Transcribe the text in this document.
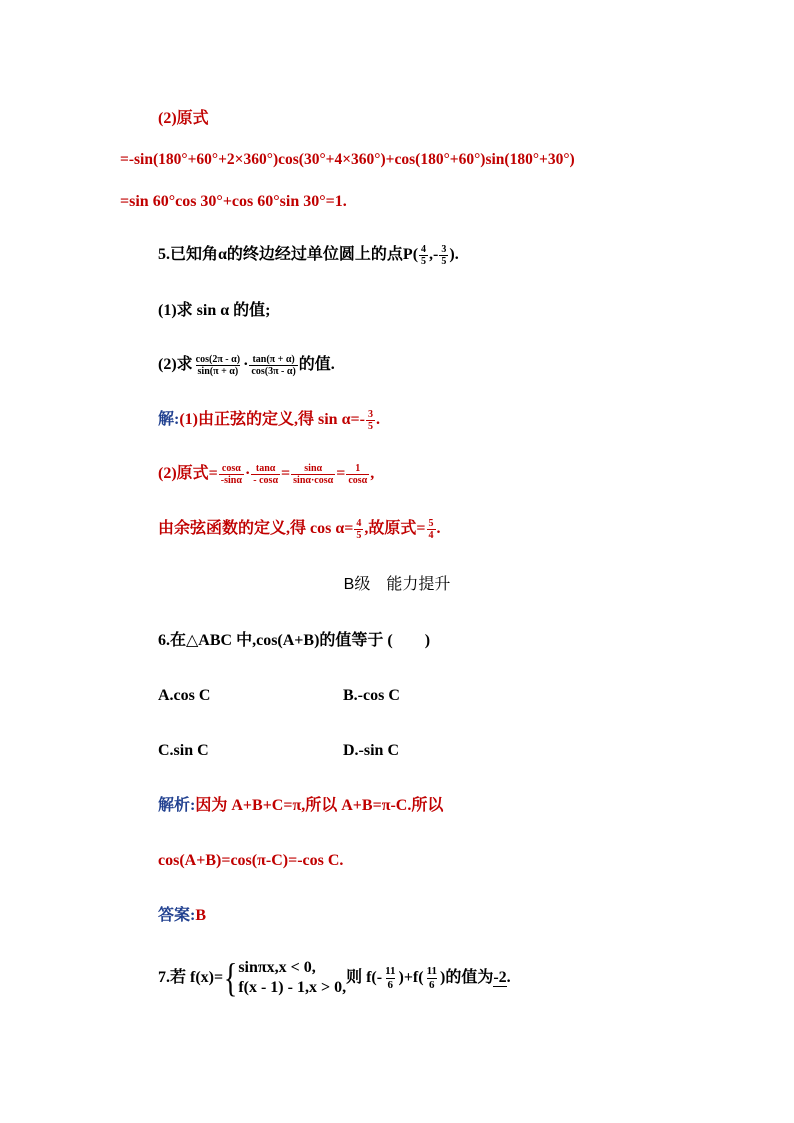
(2)原式
=-sin(180°+60°+2×360°)cos(30°+4×360°)+cos(180°+60°)sin(180°+30°)
=sin 60°cos 30°+cos 60°sin 30°=1.
5.已知角α的终边经过单位圆上的点$P( \frac{4}{5}$ ,- $\frac{3}{5}$ ).
(1)求 sin α 的值;
(2)求 $\frac{\cos(2\pi - \alpha)}{\sin(\pi + \alpha)} \cdot \frac{\tan(\pi + \alpha)}{\cos(3\pi - \alpha)}$ 的值.
解:(1)由正弦的定义,得 $\sin \alpha=- \frac{3}{5}$ .
(2)原式= $\frac{\cos\alpha}{-\sin\alpha} \cdot \frac{\tan\alpha}{- \cos\alpha} = \frac{\sin\alpha}{\sin\alpha\cdot\cos\alpha} = \frac{1}{\cos\alpha}$ ,
由余弦函数的定义,得 $\cos \alpha= \frac{4}{5}$ ,故原式= $\frac{5}{4}$ .
B级　能力提升
6.在△ABC 中,cos(A+B)的值等于 (　　)
A.cos C	B.-cos C
C.sin C	D.-sin C
解析:因为 A+B+C=π,所以 A+B=π-C.所以
cos(A+B)=cos(π-C)=-cos C.
答案:B
7.若 f(x)={ sinπx,x < 0,
f(x - 1) - 1,x > 0,
则 $f(- \frac{11}{6} )+f( \frac{11}{6}$ )的值为-2.
